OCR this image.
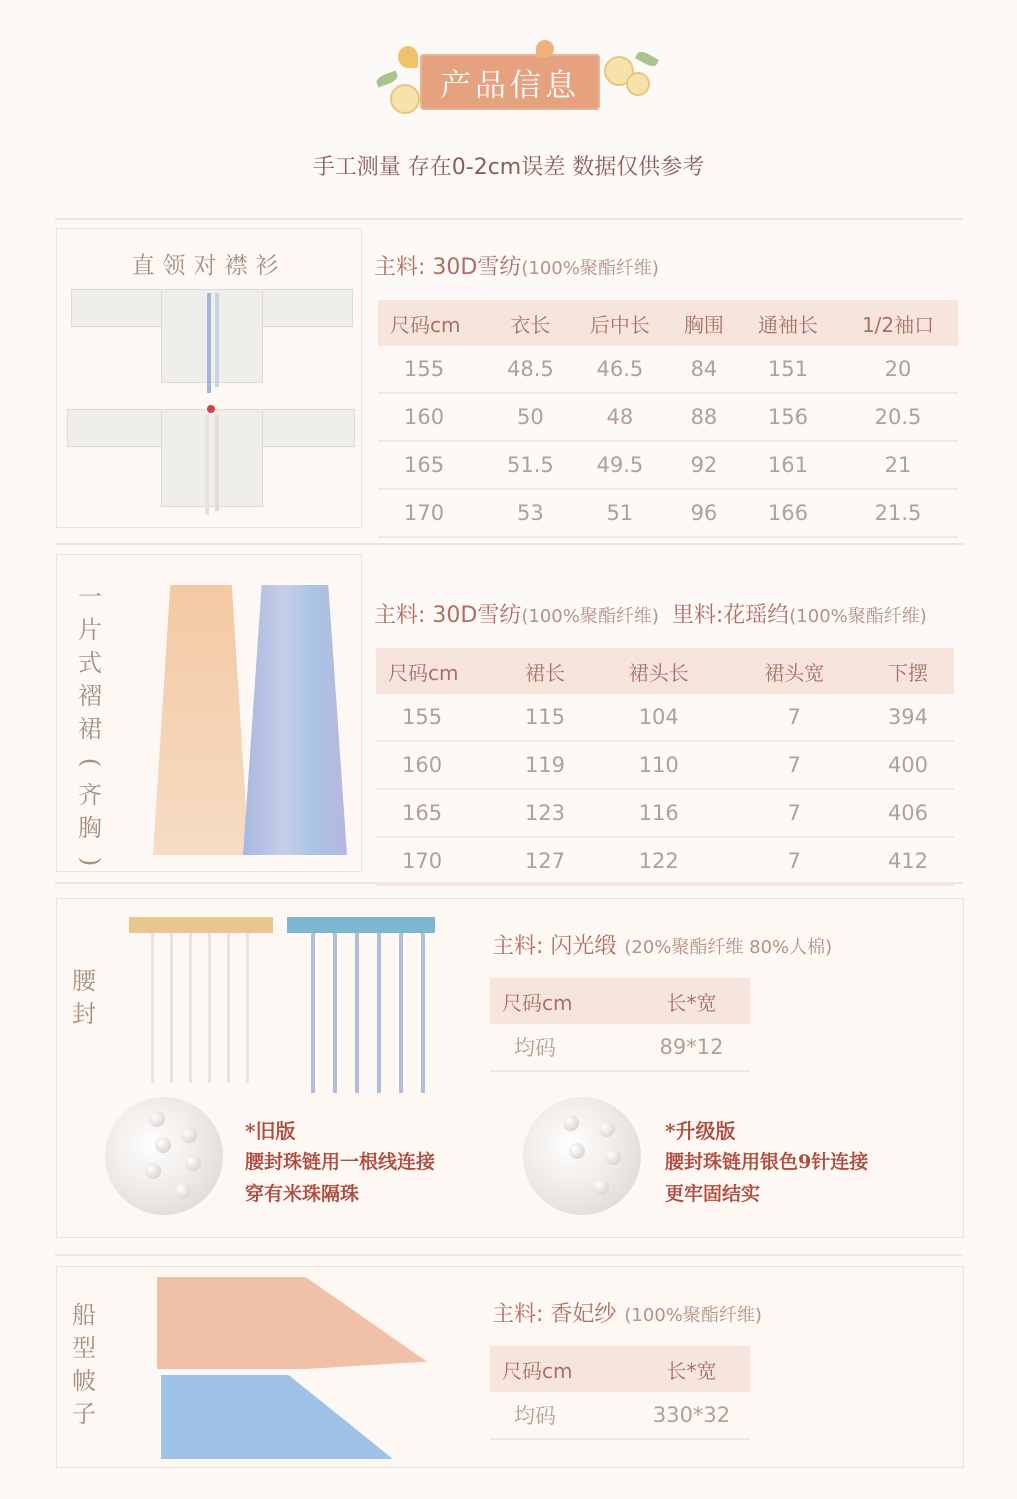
产品信息
手工测量 存在0-2cm误差 数据仅供参考
直领对襟衫	主料: 30D雪纺(100%聚酯纤维)
尺码cm	衣长	后中长	胸围	通袖长	1/2袖口
155	48.5	46.5	84	151	20
160	50	48	88	156	20.5
165	51.5	49.5	92	161	21
170	53	51	96	166	21.5
一
片
式
褶
裙
(
齐
胸
)
主料: 30D雪纺(100%聚酯纤维) 里料:花瑶绉(100%聚酯纤维)
尺码cm	裙长	裙头长	裙头宽	下摆
155	115	104	7	394
160	119	110	7	400
165	123	116	7	406
170	127	122	7	412
腰
封
*旧版
腰封珠链用一根线连接
穿有米珠隔珠
*升级版
腰封珠链用银色9针连接
更牢固结实
主料: 闪光缎 (20%聚酯纤维 80%人棉)
尺码cm	长*宽
均码	89*12
船
型
帔
子
主料: 香妃纱 (100%聚酯纤维)
尺码cm	长*宽
均码	330*32
